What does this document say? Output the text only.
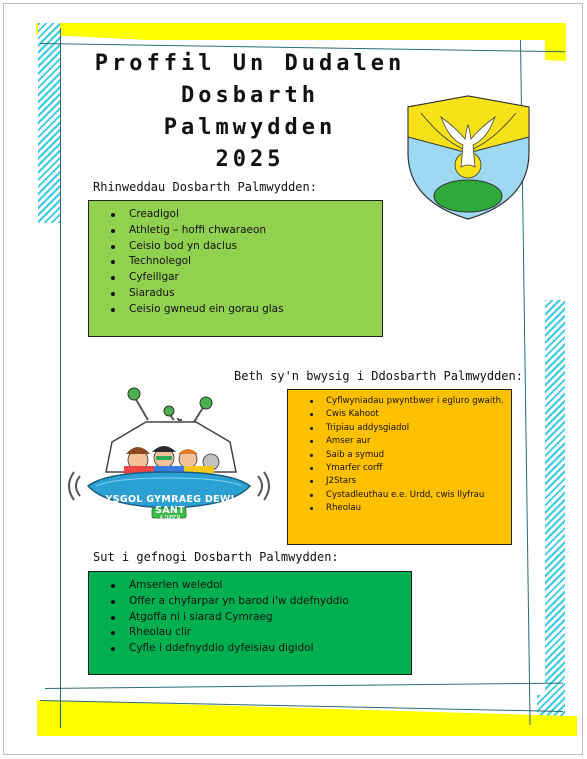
Proffil Un Dudalen
Dosbarth
Palmwydden
2025
Rhinweddau Dosbarth Palmwydden:
Creadigol
Athletig – hoffi chwaraeon
Ceisio bod yn daclus
Technolegol
Cyfeillgar
Siaradus
Ceisio gwneud ein gorau glas
Beth sy'n bwysig i Ddosbarth Palmwydden:
Cyflwyniadau pwyntbwer i egluro gwaith.
Cwis Kahoot
Tripiau addysgiadol
Amser aur
Saib a symud
Ymarfer corff
J2Stars
Cystadleuthau e.e. Urdd, cwis llyfrau
Rheolau
YSGOL GYMRAEG DEWI SANT
4 DIBEN
Sut i gefnogi Dosbarth Palmwydden:
Amserlen weledol
Offer a chyfarpar yn barod i'w ddefnyddio
Atgoffa ni i siarad Cymraeg
Rheolau clir
Cyfle i ddefnyddio dyfeisiau digidol
